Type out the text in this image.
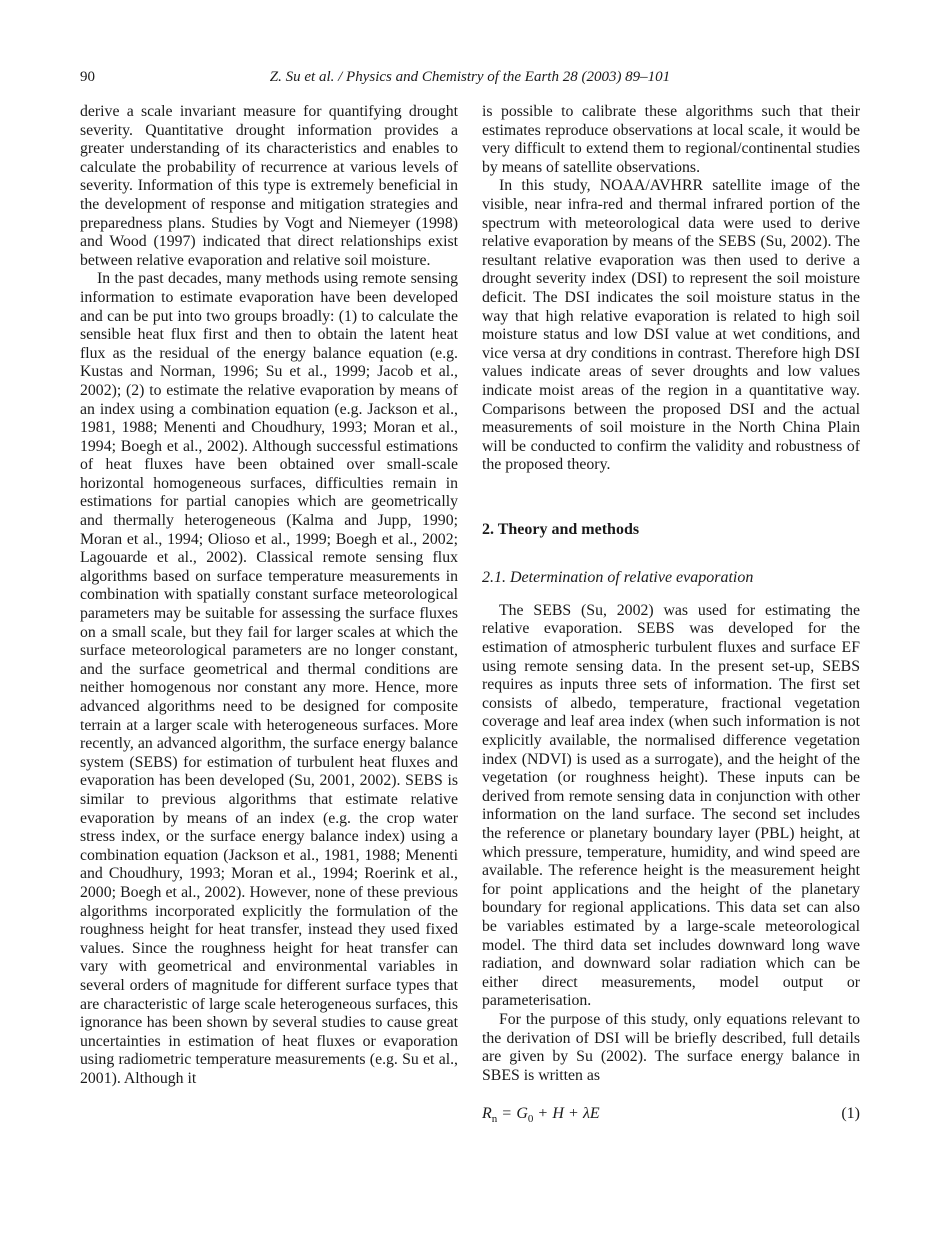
90	Z. Su et al. / Physics and Chemistry of the Earth 28 (2003) 89–101

derive a scale invariant measure for quantifying drought severity. Quantitative drought information provides a greater understanding of its characteristics and enables to calculate the probability of recurrence at various levels of severity. Information of this type is extremely beneficial in the development of response and mitigation strategies and preparedness plans. Studies by Vogt and Niemeyer (1998) and Wood (1997) indicated that direct relationships exist between relative evaporation and relative soil moisture.

In the past decades, many methods using remote sensing information to estimate evaporation have been developed and can be put into two groups broadly: (1) to calculate the sensible heat flux first and then to obtain the latent heat flux as the residual of the energy balance equation (e.g. Kustas and Norman, 1996; Su et al., 1999; Jacob et al., 2002); (2) to estimate the relative evaporation by means of an index using a combination equation (e.g. Jackson et al., 1981, 1988; Menenti and Choudhury, 1993; Moran et al., 1994; Boegh et al., 2002). Although successful estimations of heat fluxes have been obtained over small-scale horizontal homogeneous surfaces, difficulties remain in estimations for partial canopies which are geometrically and thermally heterogeneous (Kalma and Jupp, 1990; Moran et al., 1994; Olioso et al., 1999; Boegh et al., 2002; Lagouarde et al., 2002). Classical remote sensing flux algorithms based on surface temperature measurements in combination with spatially constant surface meteorological parameters may be suitable for assessing the surface fluxes on a small scale, but they fail for larger scales at which the surface meteorological parameters are no longer constant, and the surface geometrical and thermal conditions are neither homogenous nor constant any more. Hence, more advanced algorithms need to be designed for composite terrain at a larger scale with heterogeneous surfaces. More recently, an advanced algorithm, the surface energy balance system (SEBS) for estimation of turbulent heat fluxes and evaporation has been developed (Su, 2001, 2002). SEBS is similar to previous algorithms that estimate relative evaporation by means of an index (e.g. the crop water stress index, or the surface energy balance index) using a combination equation (Jackson et al., 1981, 1988; Menenti and Choudhury, 1993; Moran et al., 1994; Roerink et al., 2000; Boegh et al., 2002). However, none of these previous algorithms incorporated explicitly the formulation of the roughness height for heat transfer, instead they used fixed values. Since the roughness height for heat transfer can vary with geometrical and environmental variables in several orders of magnitude for different surface types that are characteristic of large scale heterogeneous surfaces, this ignorance has been shown by several studies to cause great uncertainties in estimation of heat fluxes or evaporation using radiometric temperature measurements (e.g. Su et al., 2001). Although it

is possible to calibrate these algorithms such that their estimates reproduce observations at local scale, it would be very difficult to extend them to regional/continental studies by means of satellite observations.

In this study, NOAA/AVHRR satellite image of the visible, near infra-red and thermal infrared portion of the spectrum with meteorological data were used to derive relative evaporation by means of the SEBS (Su, 2002). The resultant relative evaporation was then used to derive a drought severity index (DSI) to represent the soil moisture deficit. The DSI indicates the soil moisture status in the way that high relative evaporation is related to high soil moisture status and low DSI value at wet conditions, and vice versa at dry conditions in contrast. Therefore high DSI values indicate areas of sever droughts and low values indicate moist areas of the region in a quantitative way. Comparisons between the proposed DSI and the actual measurements of soil moisture in the North China Plain will be conducted to confirm the validity and robustness of the proposed theory.

2. Theory and methods
2.1. Determination of relative evaporation

The SEBS (Su, 2002) was used for estimating the relative evaporation. SEBS was developed for the estimation of atmospheric turbulent fluxes and surface EF using remote sensing data. In the present set-up, SEBS requires as inputs three sets of information. The first set consists of albedo, temperature, fractional vegetation coverage and leaf area index (when such information is not explicitly available, the normalised difference vegetation index (NDVI) is used as a surrogate), and the height of the vegetation (or roughness height). These inputs can be derived from remote sensing data in conjunction with other information on the land surface. The second set includes the reference or planetary boundary layer (PBL) height, at which pressure, temperature, humidity, and wind speed are available. The reference height is the measurement height for point applications and the height of the planetary boundary for regional applications. This data set can also be variables estimated by a large-scale meteorological model. The third data set includes downward long wave radiation, and downward solar radiation which can be either direct measurements, model output or parameterisation.

For the purpose of this study, only equations relevant to the derivation of DSI will be briefly described, full details are given by Su (2002). The surface energy balance in SBES is written as

$R_n = G_0 + H + \lambda E$	(1)
